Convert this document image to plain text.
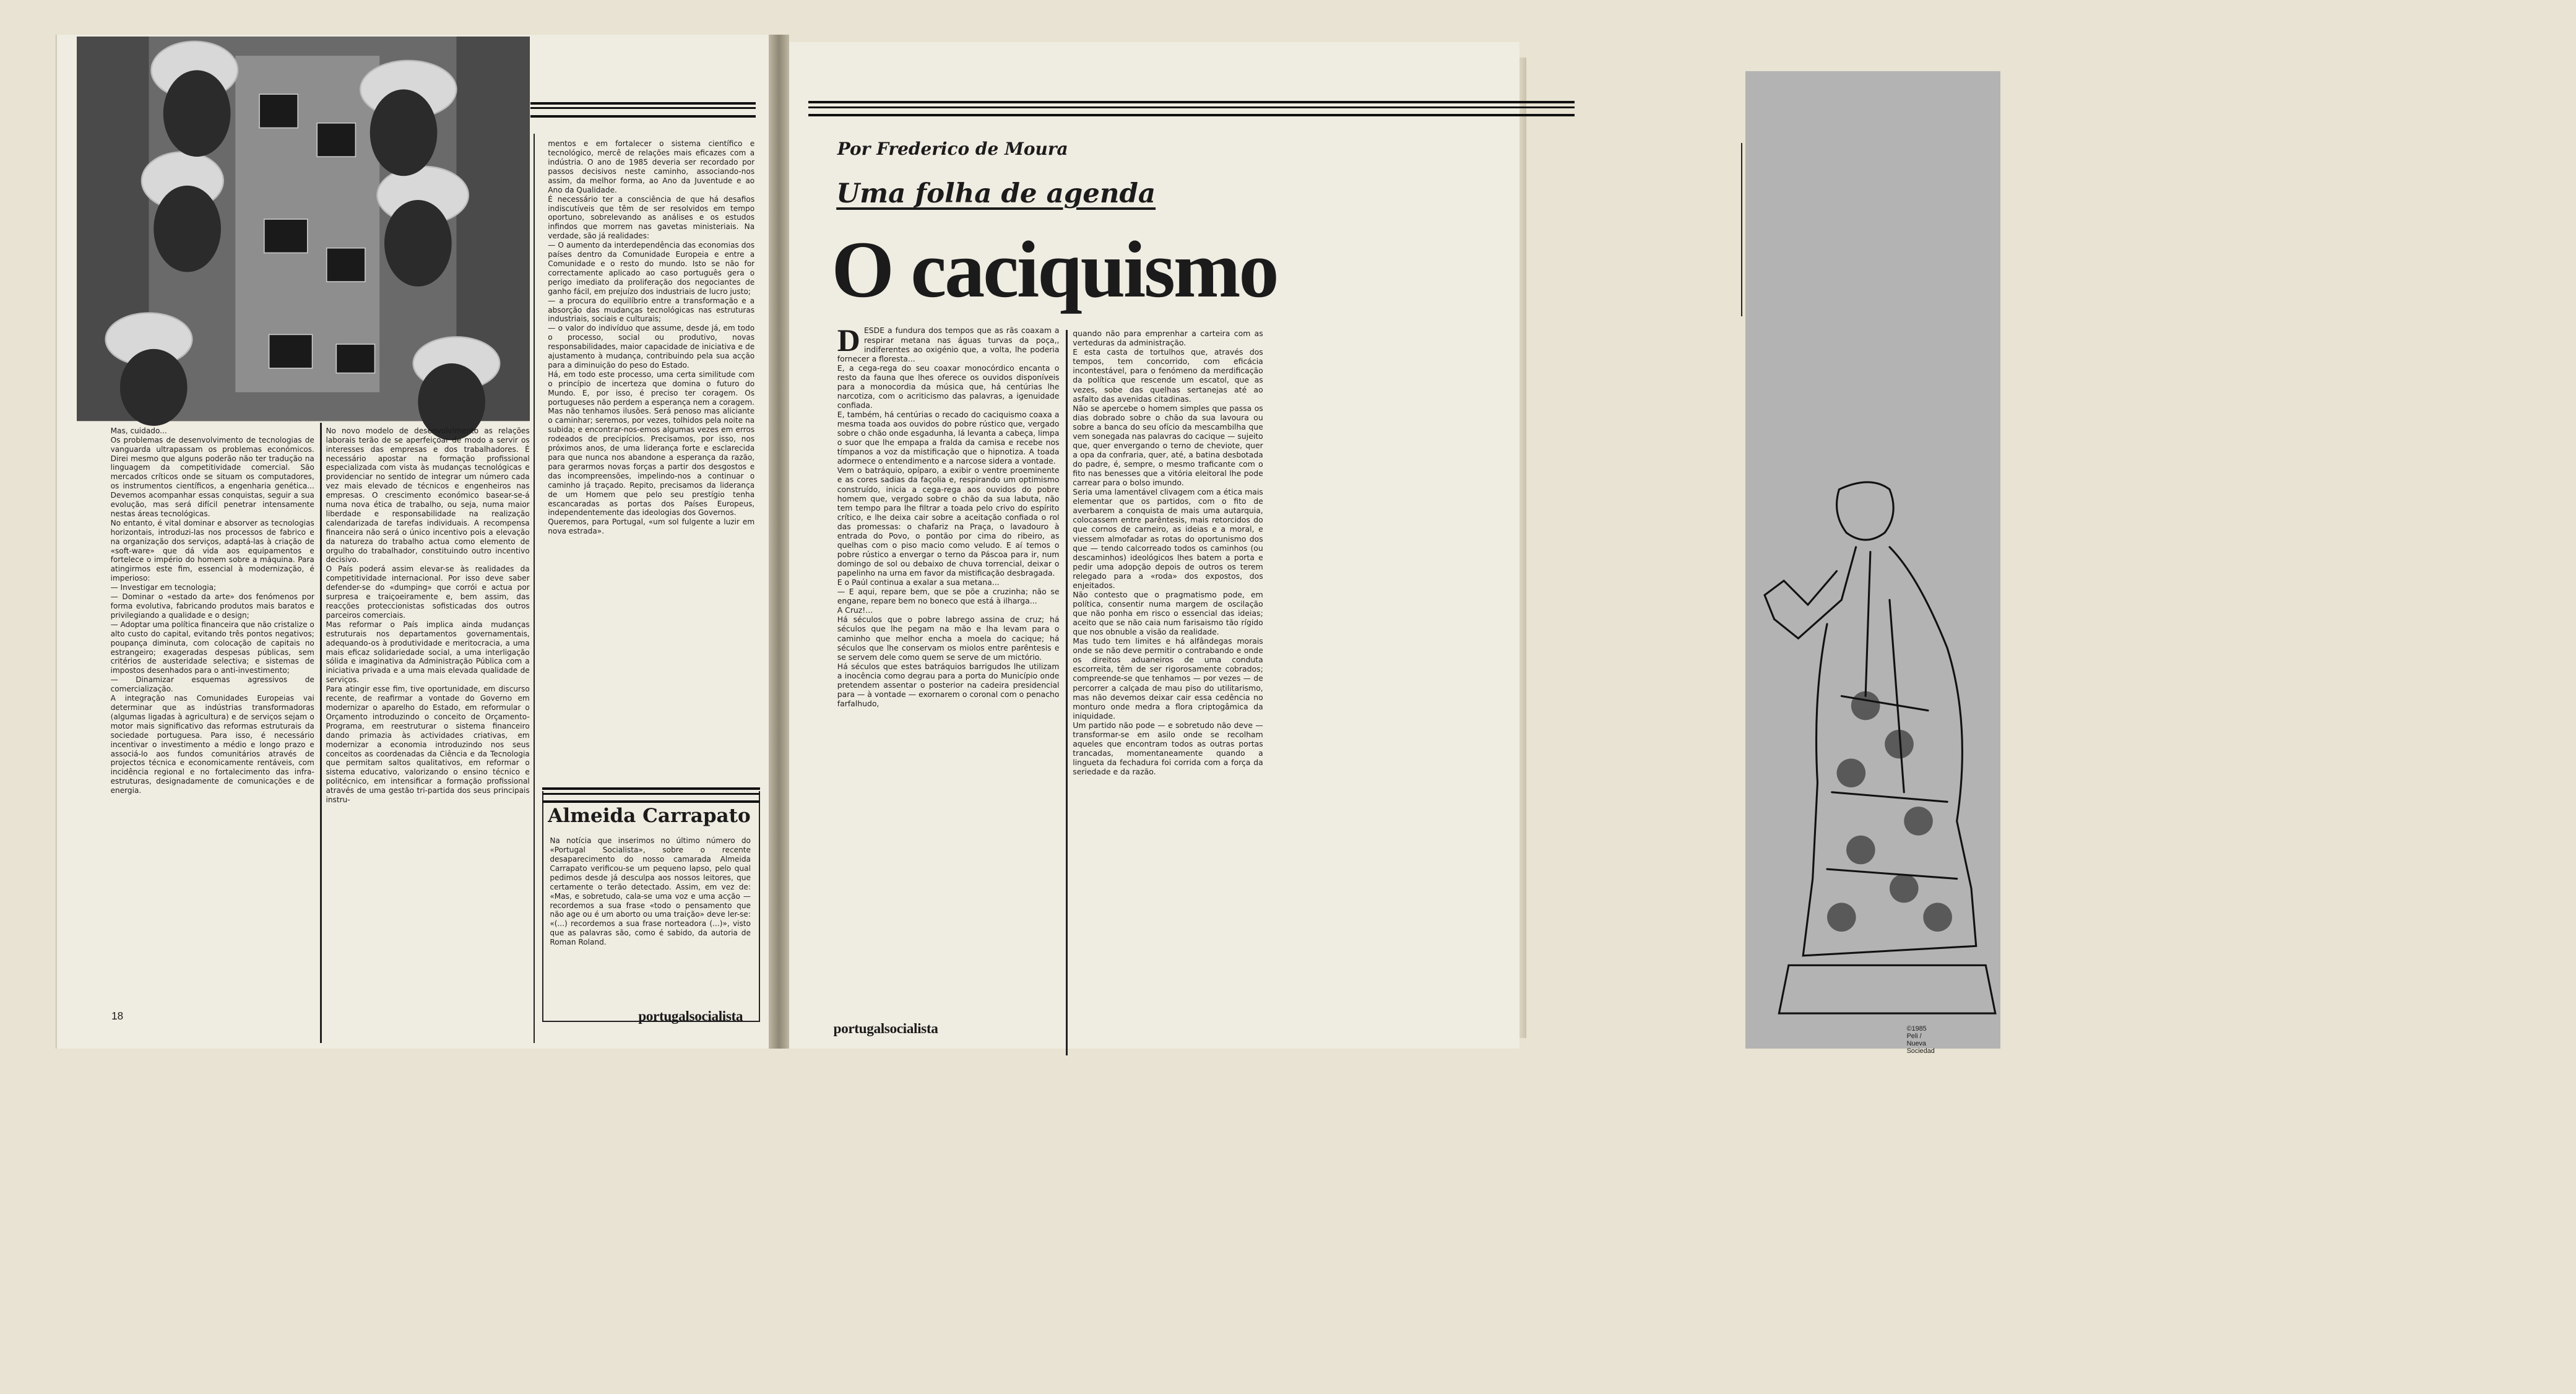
Mas, cuidado...
Os problemas de desenvolvimento de tecnologias de vanguarda ultrapassam os problemas económicos. Direi mesmo que alguns poderão não ter tradução na linguagem da competitividade comercial. São mercados críticos onde se situam os computadores, os instrumentos científicos, a engenharia genética... Devemos acompanhar essas conquistas, seguir a sua evolução, mas será difícil penetrar intensamente nestas áreas tecnológicas.
No entanto, é vital dominar e absorver as tecnologias horizontais, introduzi-las nos processos de fabrico e na organização dos serviços, adaptá-las à criação de «soft-ware» que dá vida aos equipamentos e fortelece o império do homem sobre a máquina. Para atingirmos este fim, essencial à modernização, é imperioso:
— Investigar em tecnologia;
— Dominar o «estado da arte» dos fenómenos por forma evolutiva, fabricando produtos mais baratos e privilegiando a qualidade e o design;
— Adoptar uma política financeira que não cristalize o alto custo do capital, evitando três pontos negativos; poupança diminuta, com colocação de capitais no estrangeiro; exageradas despesas públicas, sem critérios de austeridade selectiva; e sistemas de impostos desenhados para o anti-investimento;
— Dinamizar esquemas agressivos de comercialização.
A integração nas Comunidades Europeias vai determinar que as indústrias transformadoras (algumas ligadas à agricultura) e de serviços sejam o motor mais significativo das reformas estruturais da sociedade portuguesa. Para isso, é necessário incentivar o investimento a médio e longo prazo e associá-lo aos fundos comunitários através de projectos técnica e economicamente rentáveis, com incidência regional e no fortalecimento das infra-estruturas, designadamente de comunicações e de energia.
No novo modelo de desenvolvimento as relações laborais terão de se aperfeiçoar de modo a servir os interesses das empresas e dos trabalhadores. É necessário apostar na formação profissional especializada com vista às mudanças tecnológicas e providenciar no sentido de integrar um número cada vez mais elevado de técnicos e engenheiros nas empresas. O crescimento económico basear-se-á numa nova ética de trabalho, ou seja, numa maior liberdade e responsabilidade na realização calendarizada de tarefas individuais. A recompensa financeira não será o único incentivo pois a elevação da natureza do trabalho actua como elemento de orgulho do trabalhador, constituindo outro incentivo decisivo.
O País poderá assim elevar-se às realidades da competitividade internacional. Por isso deve saber defender-se do «dumping» que corrói e actua por surpresa e traiçoeiramente e, bem assim, das reacções proteccionistas sofisticadas dos outros parceiros comerciais.
Mas reformar o País implica ainda mudanças estruturais nos departamentos governamentais, adequando-os à produtividade e meritocracia, a uma mais eficaz solidariedade social, a uma interligação sólida e imaginativa da Administração Pública com a iniciativa privada e a uma mais elevada qualidade de serviços.
Para atingir esse fim, tive oportunidade, em discurso recente, de reafirmar a vontade do Governo em modernizar o aparelho do Estado, em reformular o Orçamento introduzindo o conceito de Orçamento-Programa, em reestruturar o sistema financeiro dando primazia às actividades criativas, em modernizar a economia introduzindo nos seus conceitos as coordenadas da Ciência e da Tecnologia que permitam saltos qualitativos, em reformar o sistema educativo, valorizando o ensino técnico e politécnico, em intensificar a formação profissional através de uma gestão tri-partida dos seus principais instru-
mentos e em fortalecer o sistema científico e tecnológico, mercê de relações mais eficazes com a indústria. O ano de 1985 deveria ser recordado por passos decisivos neste caminho, associando-nos assim, da melhor forma, ao Ano da Juventude e ao Ano da Qualidade.
É necessário ter a consciência de que há desafios indiscutíveis que têm de ser resolvidos em tempo oportuno, sobrelevando as análises e os estudos infindos que morrem nas gavetas ministeriais. Na verdade, são já realidades:
— O aumento da interdependência das economias dos países dentro da Comunidade Europeia e entre a Comunidade e o resto do mundo. Isto se não for correctamente aplicado ao caso português gera o perigo imediato da proliferação dos negociantes de ganho fácil, em prejuízo dos industriais de lucro justo;
— a procura do equilíbrio entre a transformação e a absorção das mudanças tecnológicas nas estruturas industriais, sociais e culturais;
— o valor do indivíduo que assume, desde já, em todo o processo, social ou produtivo, novas responsabilidades, maior capacidade de iniciativa e de ajustamento à mudança, contribuindo pela sua acção para a diminuição do peso do Estado.
Há, em todo este processo, uma certa similitude com o princípio de incerteza que domina o futuro do Mundo. E, por isso, é preciso ter coragem. Os portugueses não perdem a esperança nem a coragem.
Mas não tenhamos ilusões. Será penoso mas aliciante o caminhar; seremos, por vezes, tolhidos pela noite na subida; e encontrar-nos-emos algumas vezes em erros rodeados de precipícios. Precisamos, por isso, nos próximos anos, de uma liderança forte e esclarecida para que nunca nos abandone a esperança da razão, para gerarmos novas forças a partir dos desgostos e das incompreensões, impelindo-nos a continuar o caminho já traçado. Repito, precisamos da liderança de um Homem que pelo seu prestígio tenha escancaradas as portas dos Países Europeus, independentemente das ideologias dos Governos.
Queremos, para Portugal, «um sol fulgente a luzir em nova estrada».
Almeida Carrapato
Na notícia que inserimos no último número do «Portugal Socialista», sobre o recente desaparecimento do nosso camarada Almeida Carrapato verificou-se um pequeno lapso, pelo qual pedimos desde já desculpa aos nossos leitores, que certamente o terão detectado. Assim, em vez de: «Mas, e sobretudo, cala-se uma voz e uma acção — recordemos a sua frase «todo o pensamento que não age ou é um aborto ou uma traição» deve ler-se: «(...) recordemos a sua frase norteadora (...)», visto que as palavras são, como é sabido, da autoria de Roman Roland.
18	portugalsocialista
Por Frederico de Moura
Uma folha de agenda
O caciquismo
D ESDE a fundura dos tempos que as rãs coaxam a respirar metana nas águas turvas da poça,, indiferentes ao oxigénio que, a volta, lhe poderia fornecer a floresta...
E, a cega-rega do seu coaxar monocórdico encanta o resto da fauna que lhes oferece os ouvidos disponíveis para a monocordia da música que, há centúrias lhe narcotiza, com o acriticismo das palavras, a igenuidade confiada.
E, também, há centúrias o recado do caciquismo coaxa a mesma toada aos ouvidos do pobre rústico que, vergado sobre o chão onde esgadunha, lá levanta a cabeça, limpa o suor que lhe empapa a fralda da camisa e recebe nos tímpanos a voz da mistificação que o hipnotiza. A toada adormece o entendimento e a narcose sidera a vontade.
Vem o batráquio, opíparo, a exibir o ventre proeminente e as cores sadias da façolia e, respirando um optimismo construído, inicia a cega-rega aos ouvidos do pobre homem que, vergado sobre o chão da sua labuta, não tem tempo para lhe filtrar a toada pelo crivo do espírito crítico, e lhe deixa cair sobre a aceitação confiada o rol das promessas: o chafariz na Praça, o lavadouro à entrada do Povo, o pontão por cima do ribeiro, as quelhas com o piso macio como veludo. E aí temos o pobre rústico a envergar o terno da Páscoa para ir, num domingo de sol ou debaixo de chuva torrencial, deixar o papelinho na urna em favor da mistificação desbragada.
E o Paúl continua a exalar a sua metana...
— E aqui, repare bem, que se põe a cruzinha; não se engane, repare bem no boneco que está à ilharga...
A Cruz!...
Há séculos que o pobre labrego assina de cruz; há séculos que lhe pegam na mão e lha levam para o caminho que melhor encha a moela do cacique; há séculos que lhe conservam os miolos entre parêntesis e se servem dele como quem se serve de um mictório.
Há séculos que estes batráquios barrigudos lhe utilizam a inocência como degrau para a porta do Município onde pretendem assentar o posterior na cadeira presidencial para — à vontade — exornarem o coronal com o penacho farfalhudo,
quando não para emprenhar a carteira com as verteduras da administração.
E esta casta de tortulhos que, através dos tempos, tem concorrido, com eficácia incontestável, para o fenómeno da merdificação da política que rescende um escatol, que as vezes, sobe das quelhas sertanejas até ao asfalto das avenidas citadinas.
Não se apercebe o homem simples que passa os dias dobrado sobre o chão da sua lavoura ou sobre a banca do seu ofício da mescambilha que vem sonegada nas palavras do cacique — sujeito que, quer envergando o terno de cheviote, quer a opa da confraria, quer, até, a batina desbotada do padre, é, sempre, o mesmo traficante com o fito nas benesses que a vitória eleitoral lhe pode carrear para o bolso imundo.
Seria uma lamentável clivagem com a ética mais elementar que os partidos, com o fito de averbarem a conquista de mais uma autarquia, colocassem entre parêntesis, mais retorcidos do que cornos de carneiro, as ideias e a moral, e viessem almofadar as rotas do oportunismo dos que — tendo calcorreado todos os caminhos (ou descaminhos) ideológicos lhes batem a porta e pedir uma adopção depois de outros os terem relegado para a «roda» dos expostos, dos enjeitados.
Não contesto que o pragmatismo pode, em política, consentir numa margem de oscilação que não ponha em risco o essencial das ideias; aceito que se não caia num farisaismo tão rígido que nos obnuble a visão da realidade.
Mas tudo tem limites e há alfândegas morais onde se não deve permitir o contrabando e onde os direitos aduaneiros de uma conduta escorreita, têm de ser rigorosamente cobrados; compreende-se que tenhamos — por vezes — de percorrer a calçada de mau piso do utilitarismo, mas não devemos deixar cair essa cedência no monturo onde medra a flora criptogâmica da iniquidade.
Um partido não pode — e sobretudo não deve — transformar-se em asilo onde se recolham aqueles que encontram todos as outras portas trancadas, momentaneamente quando a lingueta da fechadura foi corrida com a força da seriedade e da razão.
©1985 Peli / Nueva Sociedad
portugalsocialista
